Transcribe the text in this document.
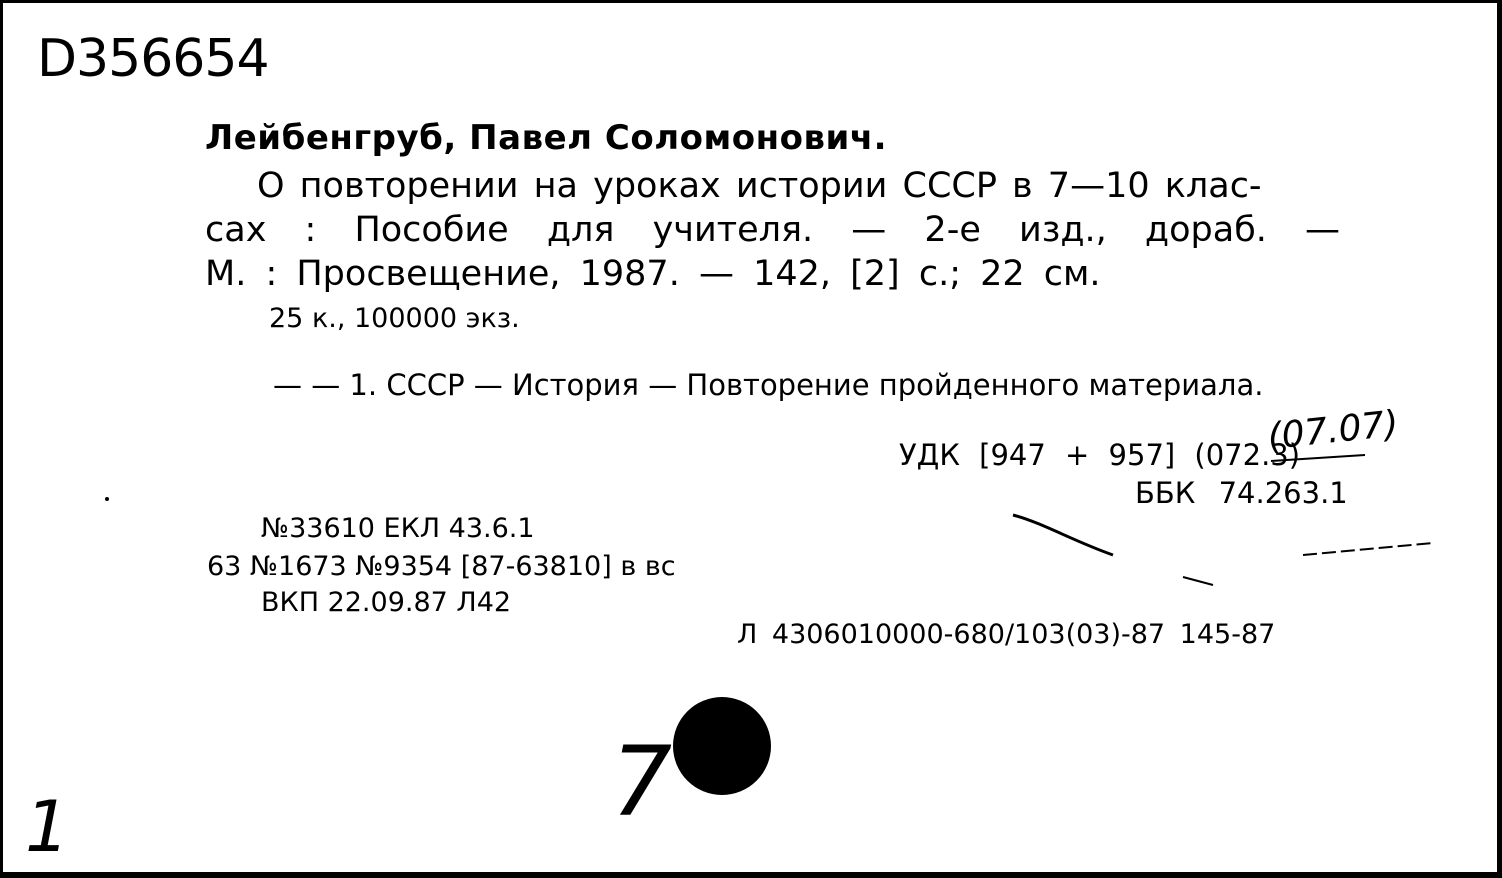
D356654

Лейбенгруб, Павел Соломонович.

О повторении на уроках истории СССР в 7—10 клас-

сах : Пособие для учителя. — 2-е изд., дораб. —

М. : Просвещение, 1987. — 142, [2] с.; 22 см.

25 к., 100000 экз.

— — 1. СССР — История — Повторение пройденного материала.

УДК [947 + 957] (072.3)

ББК 74.263.1

№33610 ЕКЛ 43.6.1

63 №1673 №9354 [87-63810] в вс

ВКП 22.09.87 Л42

Л 4306010000-680/103(03)-87 145-87

(07.07)
1	7
